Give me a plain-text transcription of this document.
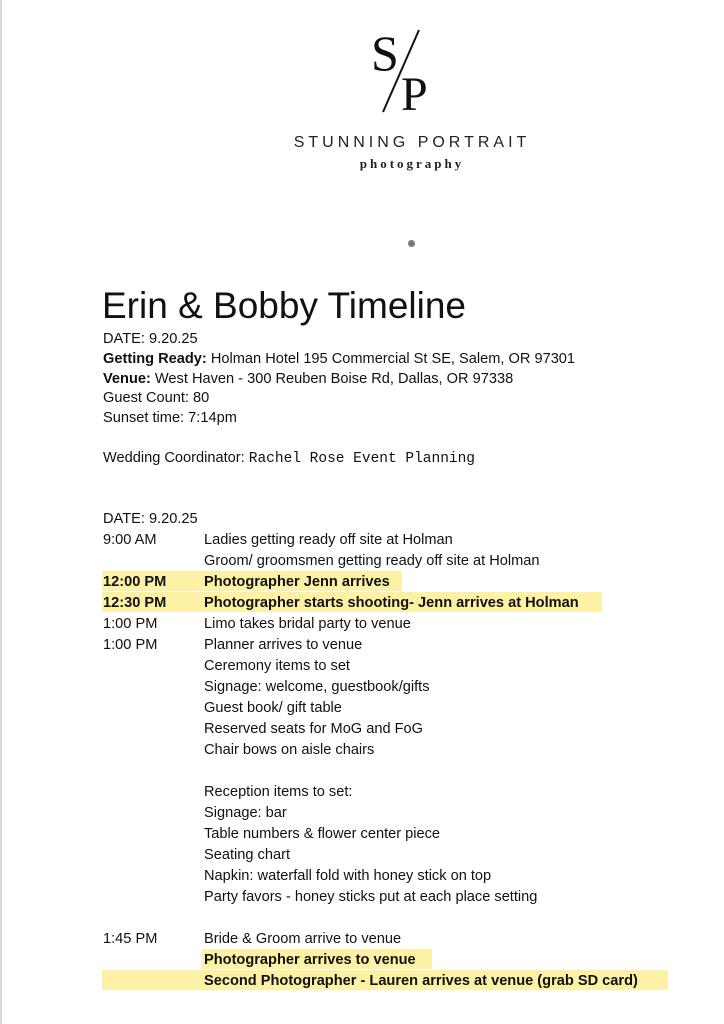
S
P
STUNNING PORTRAIT
photography
Erin & Bobby Timeline
DATE: 9.20.25
Getting Ready: Holman Hotel 195 Commercial St SE, Salem, OR 97301
Venue: West Haven - 300 Reuben Boise Rd, Dallas, OR 97338
Guest Count: 80
Sunset time: 7:14pm
Wedding Coordinator: Rachel Rose Event Planning
DATE: 9.20.25
9:00 AM	Ladies getting ready off site at Holman
Groom/ groomsmen getting ready off site at Holman
12:00 PM	Photographer Jenn arrives
12:30 PM	Photographer starts shooting- Jenn arrives at Holman
1:00 PM	Limo takes bridal party to venue
1:00 PM	Planner arrives to venue
Ceremony items to set
Signage: welcome, guestbook/gifts
Guest book/ gift table
Reserved seats for MoG and FoG
Chair bows on aisle chairs
Reception items to set:
Signage: bar
Table numbers & flower center piece
Seating chart
Napkin: waterfall fold with honey stick on top
Party favors - honey sticks put at each place setting
1:45 PM	Bride & Groom arrive to venue
Photographer arrives to venue
Second Photographer - Lauren arrives at venue (grab SD card)
